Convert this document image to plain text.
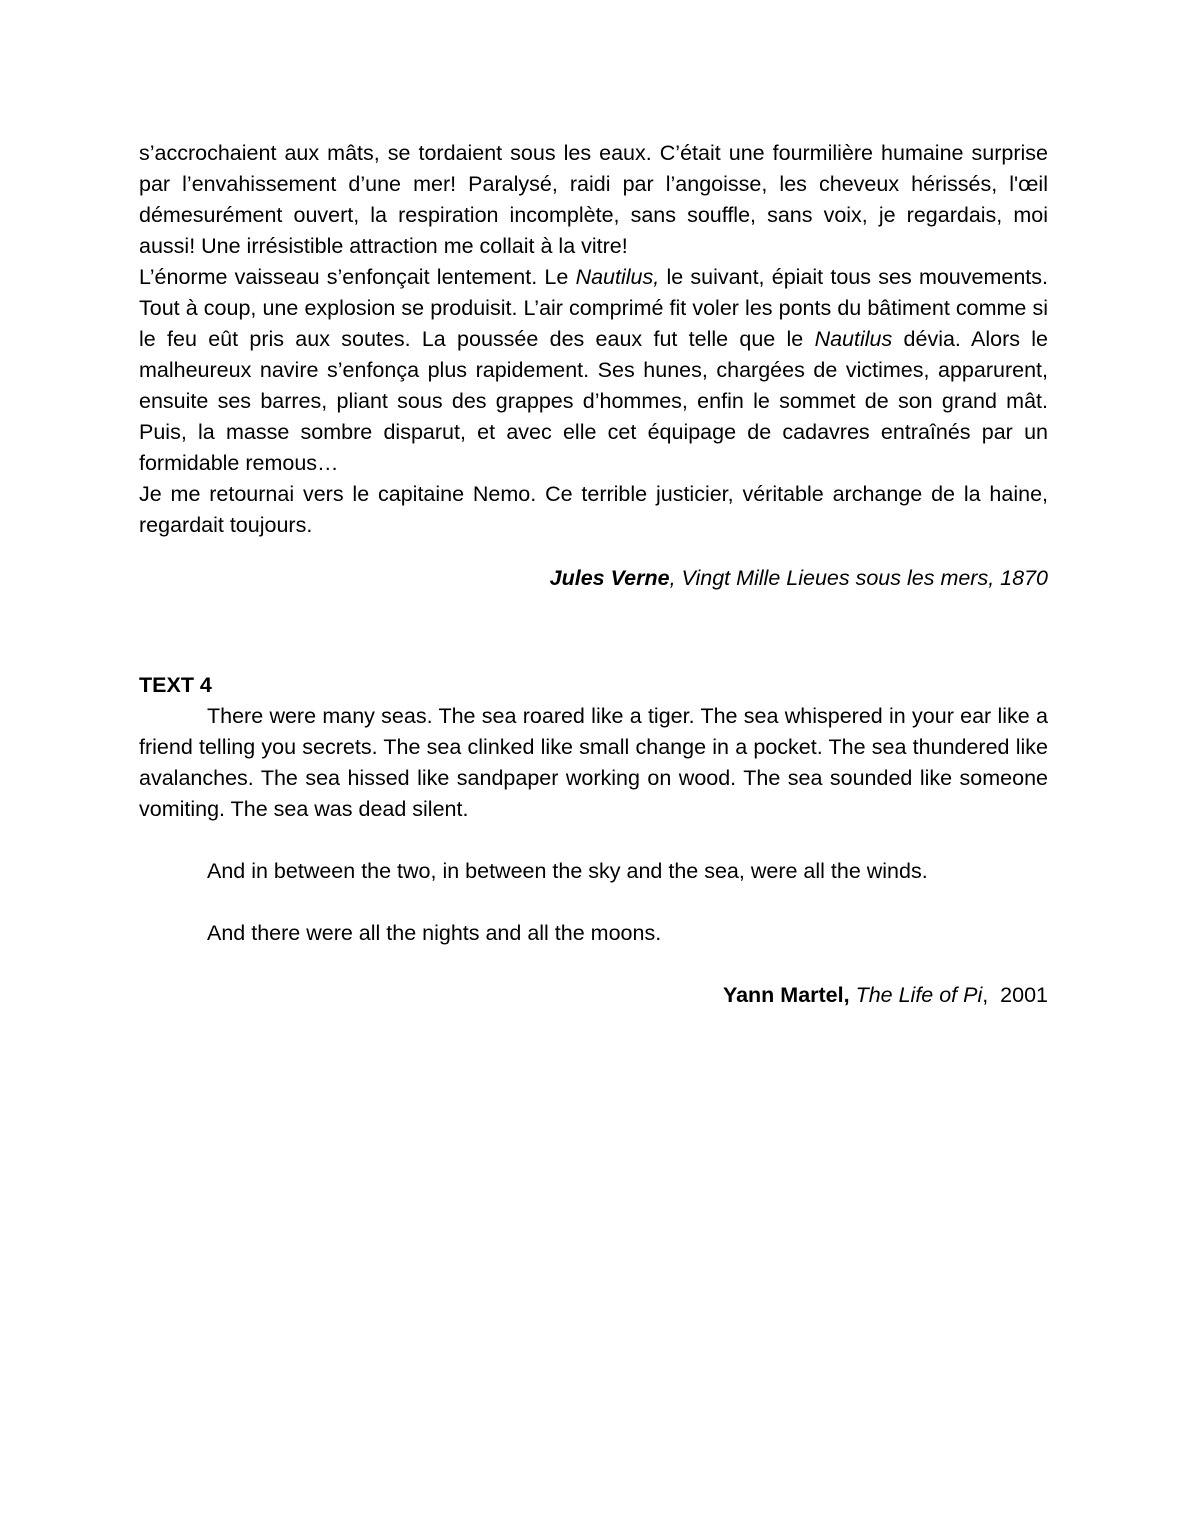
s’accrochaient aux mâts, se tordaient sous les eaux. C’était une fourmilière humaine surprise par l’envahissement d’une mer! Paralysé, raidi par l’angoisse, les cheveux hérissés, l'œil démesurément ouvert, la respiration incomplète, sans souffle, sans voix, je regardais, moi aussi! Une irrésistible attraction me collait à la vitre!

L’énorme vaisseau s’enfonçait lentement. Le Nautilus, le suivant, épiait tous ses mouvements. Tout à coup, une explosion se produisit. L’air comprimé fit voler les ponts du bâtiment comme si le feu eût pris aux soutes. La poussée des eaux fut telle que le Nautilus dévia. Alors le malheureux navire s’enfonça plus rapidement. Ses hunes, chargées de victimes, apparurent, ensuite ses barres, pliant sous des grappes d’hommes, enfin le sommet de son grand mât. Puis, la masse sombre disparut, et avec elle cet équipage de cadavres entraînés par un formidable remous…

Je me retournai vers le capitaine Nemo. Ce terrible justicier, véritable archange de la haine, regardait toujours.

Jules Verne, Vingt Mille Lieues sous les mers, 1870

TEXT 4

There were many seas. The sea roared like a tiger. The sea whispered in your ear like a friend telling you secrets. The sea clinked like small change in a pocket. The sea thundered like avalanches. The sea hissed like sandpaper working on wood. The sea sounded like someone vomiting. The sea was dead silent.

And in between the two, in between the sky and the sea, were all the winds.

And there were all the nights and all the moons.

Yann Martel, The Life of Pi,  2001
